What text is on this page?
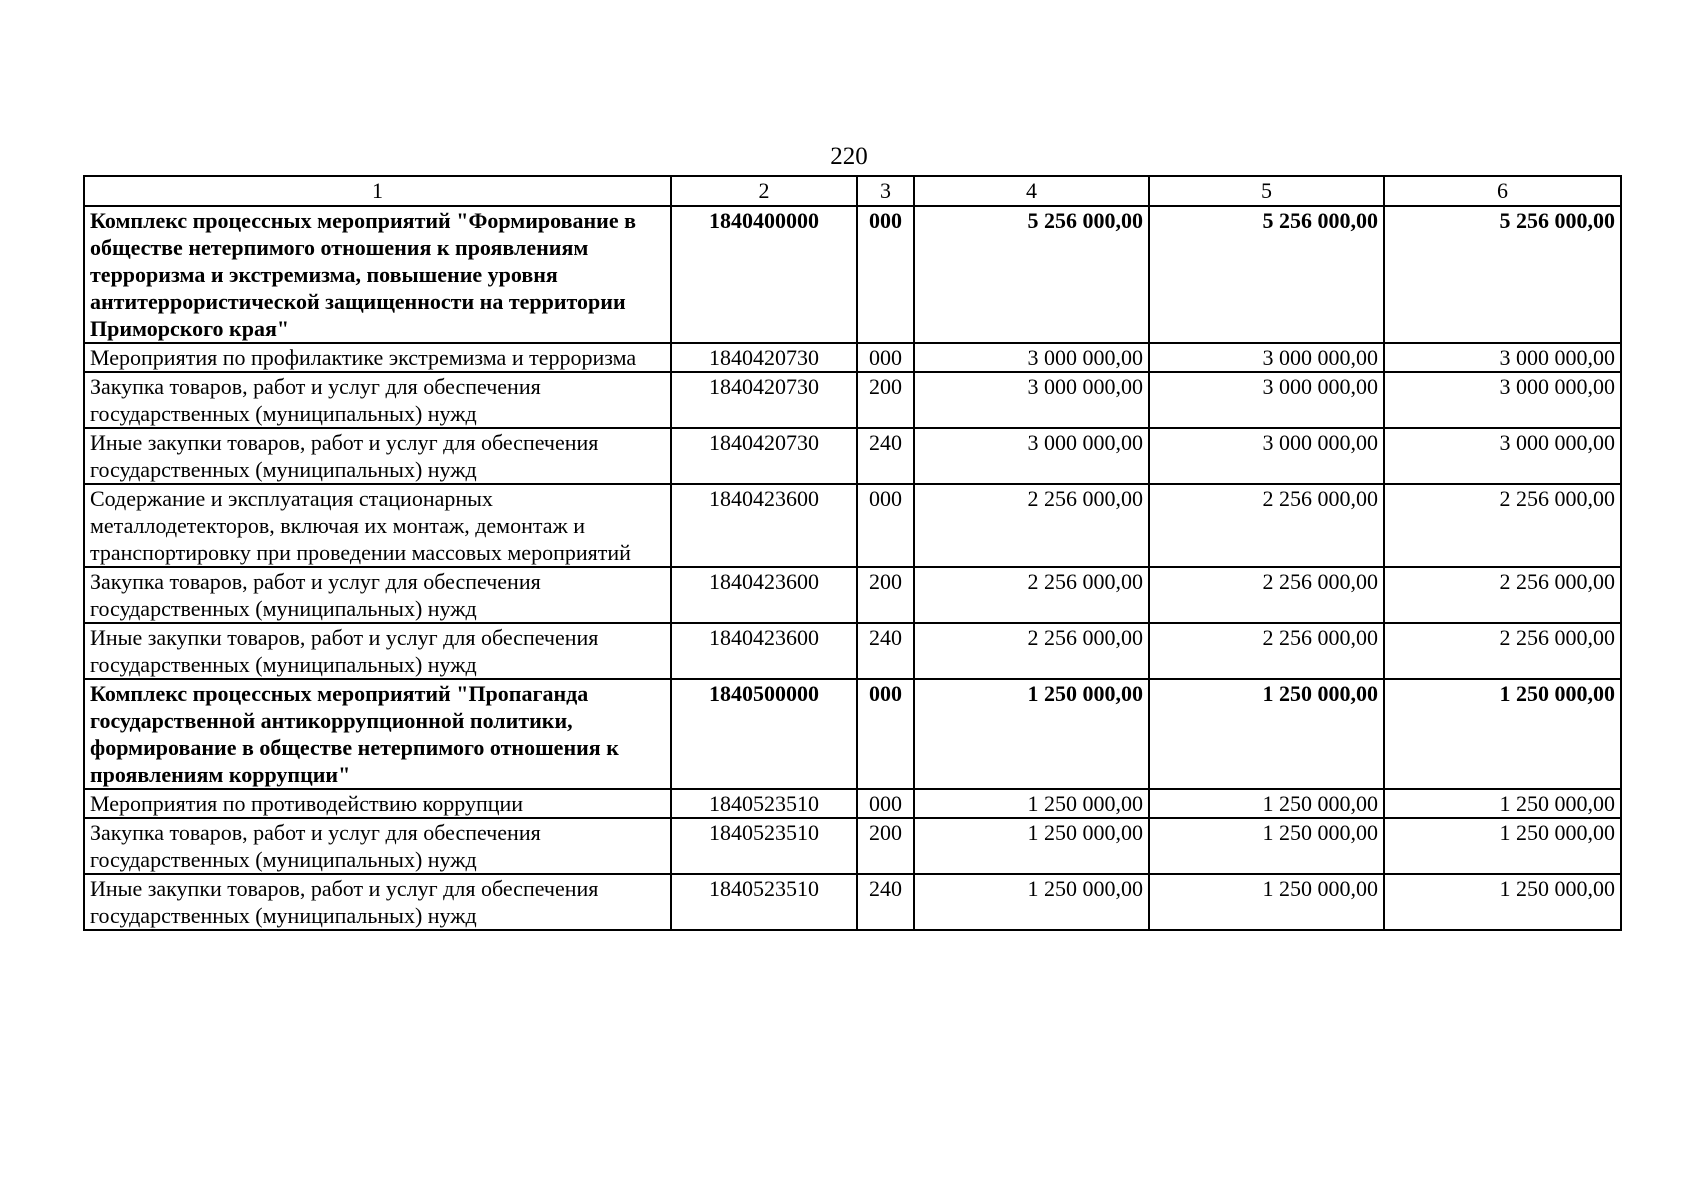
220
1	2	3	4	5	6
Комплекс процессных мероприятий "Формирование в обществе нетерпимого отношения к проявлениям терроризма и экстремизма, повышение уровня антитеррористической защищенности на территории Приморского края"	1840400000	000	5 256 000,00	5 256 000,00	5 256 000,00
Мероприятия по профилактике экстремизма и терроризма	1840420730	000	3 000 000,00	3 000 000,00	3 000 000,00
Закупка товаров, работ и услуг для обеспечения государственных (муниципальных) нужд	1840420730	200	3 000 000,00	3 000 000,00	3 000 000,00
Иные закупки товаров, работ и услуг для обеспечения государственных (муниципальных) нужд	1840420730	240	3 000 000,00	3 000 000,00	3 000 000,00
Содержание и эксплуатация стационарных металлодетекторов, включая их монтаж, демонтаж и транспортировку при проведении массовых мероприятий	1840423600	000	2 256 000,00	2 256 000,00	2 256 000,00
Закупка товаров, работ и услуг для обеспечения государственных (муниципальных) нужд	1840423600	200	2 256 000,00	2 256 000,00	2 256 000,00
Иные закупки товаров, работ и услуг для обеспечения государственных (муниципальных) нужд	1840423600	240	2 256 000,00	2 256 000,00	2 256 000,00
Комплекс процессных мероприятий "Пропаганда государственной антикоррупционной политики, формирование в обществе нетерпимого отношения к проявлениям коррупции"	1840500000	000	1 250 000,00	1 250 000,00	1 250 000,00
Мероприятия по противодействию коррупции	1840523510	000	1 250 000,00	1 250 000,00	1 250 000,00
Закупка товаров, работ и услуг для обеспечения государственных (муниципальных) нужд	1840523510	200	1 250 000,00	1 250 000,00	1 250 000,00
Иные закупки товаров, работ и услуг для обеспечения государственных (муниципальных) нужд	1840523510	240	1 250 000,00	1 250 000,00	1 250 000,00
